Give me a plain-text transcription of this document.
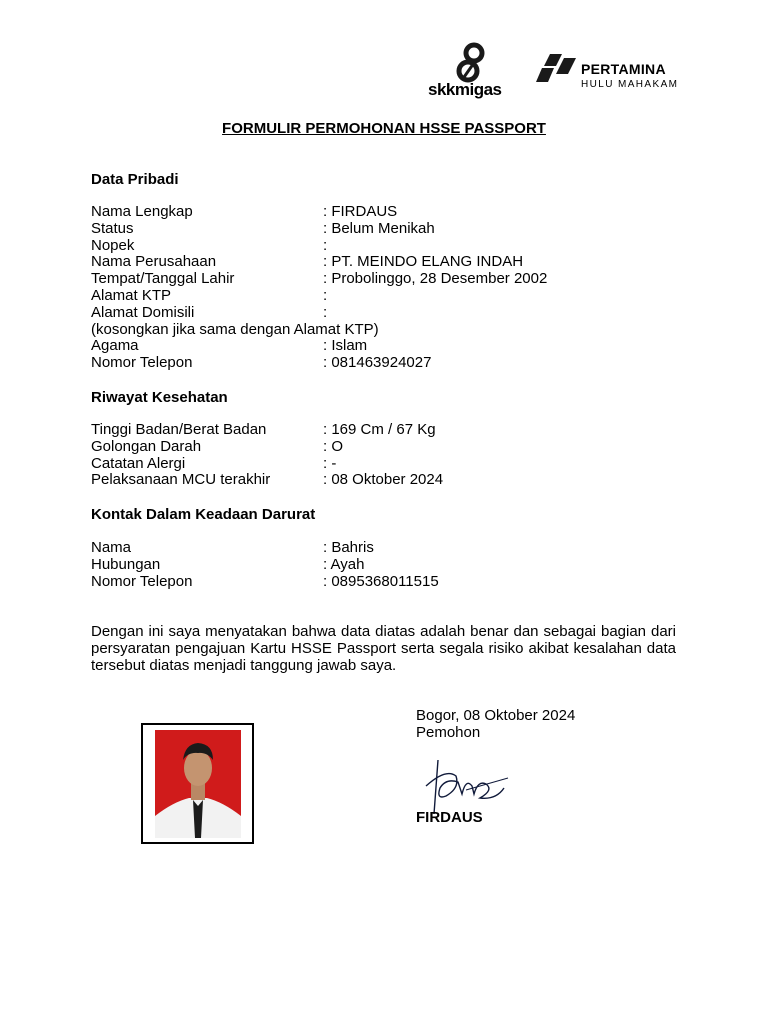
skkmigas
PERTAMINA
HULU MAHAKAM
FORMULIR PERMOHONAN HSSE PASSPORT
Data Pribadi
Nama Lengkap	: FIRDAUS
Status	: Belum Menikah
Nopek	:
Nama Perusahaan	: PT. MEINDO ELANG INDAH
Tempat/Tanggal Lahir	: Probolinggo, 28 Desember 2002
Alamat KTP	:
Alamat Domisili	:
(kosongkan jika sama dengan Alamat KTP)
Agama	: Islam
Nomor Telepon	: 081463924027
Riwayat Kesehatan
Tinggi Badan/Berat Badan	: 169 Cm / 67 Kg
Golongan Darah	: O
Catatan Alergi	: -
Pelaksanaan MCU terakhir	: 08 Oktober 2024
Kontak Dalam Keadaan Darurat
Nama	: Bahris
Hubungan	: Ayah
Nomor Telepon	: 0895368011515
Dengan ini saya menyatakan bahwa data diatas adalah benar dan sebagai bagian dari persyaratan pengajuan Kartu HSSE Passport serta segala risiko akibat kesalahan data tersebut diatas menjadi tanggung jawab saya.
Bogor, 08 Oktober 2024
Pemohon
FIRDAUS
